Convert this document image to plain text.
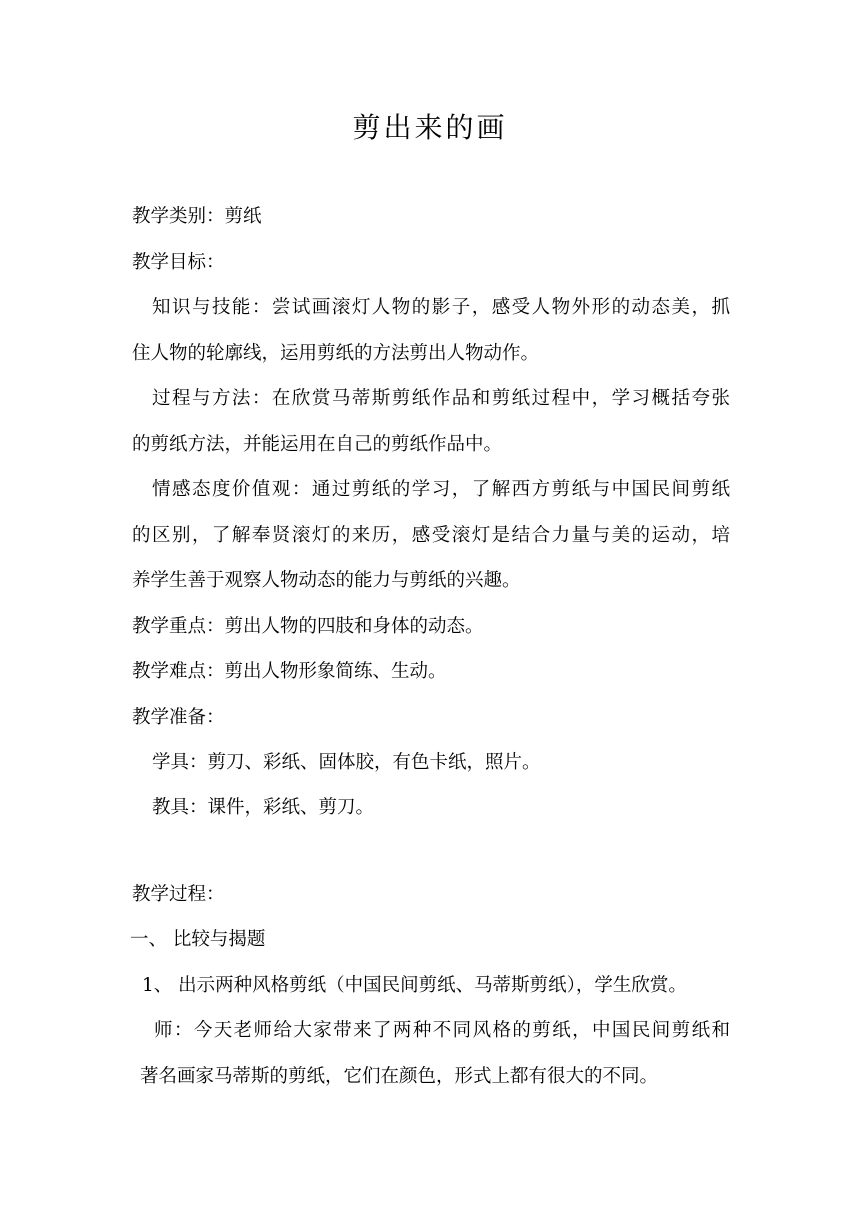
剪出来的画
教学类别：剪纸
教学目标：
知识与技能：尝试画滚灯人物的影子，感受人物外形的动态美，抓
住人物的轮廓线，运用剪纸的方法剪出人物动作。
过程与方法：在欣赏马蒂斯剪纸作品和剪纸过程中，学习概括夸张
的剪纸方法，并能运用在自己的剪纸作品中。
情感态度价值观：通过剪纸的学习，了解西方剪纸与中国民间剪纸
的区别，了解奉贤滚灯的来历，感受滚灯是结合力量与美的运动，培
养学生善于观察人物动态的能力与剪纸的兴趣。
教学重点：剪出人物的四肢和身体的动态。
教学难点：剪出人物形象简练、生动。
教学准备：
学具：剪刀、彩纸、固体胶，有色卡纸，照片。
教具：课件，彩纸、剪刀。
教学过程：
一、 比较与揭题
1、 出示两种风格剪纸（中国民间剪纸、马蒂斯剪纸），学生欣赏。
师：今天老师给大家带来了两种不同风格的剪纸，中国民间剪纸和
著名画家马蒂斯的剪纸，它们在颜色，形式上都有很大的不同。
